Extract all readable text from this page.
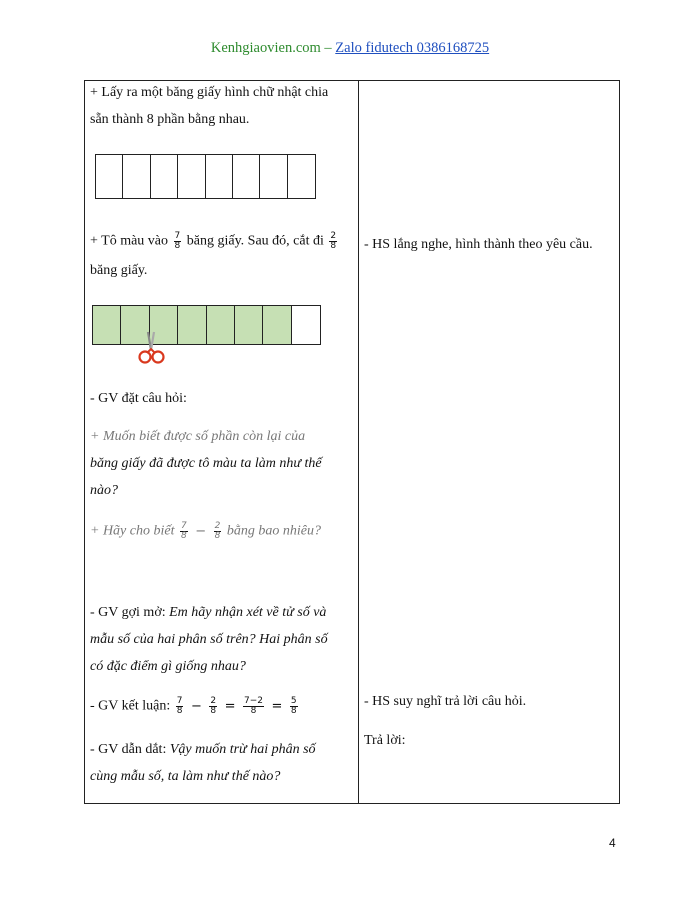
Kenhgiaovien.com – Zalo fidutech 0386168725
+ Lấy ra một băng giấy hình chữ nhật chia
sẵn thành 8 phần bằng nhau.
+ Tô màu vào $\frac{7}{8}$ băng giấy. Sau đó, cắt đi $\frac{2}{8}$
băng giấy.
- GV đặt câu hỏi:
+ Muốn biết được số phần còn lại của
băng giấy đã được tô màu ta làm như thế
nào?
+ Hãy cho biết $\frac{7}{8} - \frac{2}{8}$ bằng bao nhiêu?
- GV gợi mở: Em hãy nhận xét về tử số và
mẫu số của hai phân số trên? Hai phân số
có đặc điểm gì giống nhau?
- GV kết luận: $\frac{7}{8} - \frac{2}{8} = \frac{7-2}{8} = \frac{5}{8}$
- GV dẫn dắt: Vậy muốn trừ hai phân số
cùng mẫu số, ta làm như thế nào?
- HS lắng nghe, hình thành theo yêu cầu.
- HS suy nghĩ trả lời câu hỏi.
Trả lời:
4
